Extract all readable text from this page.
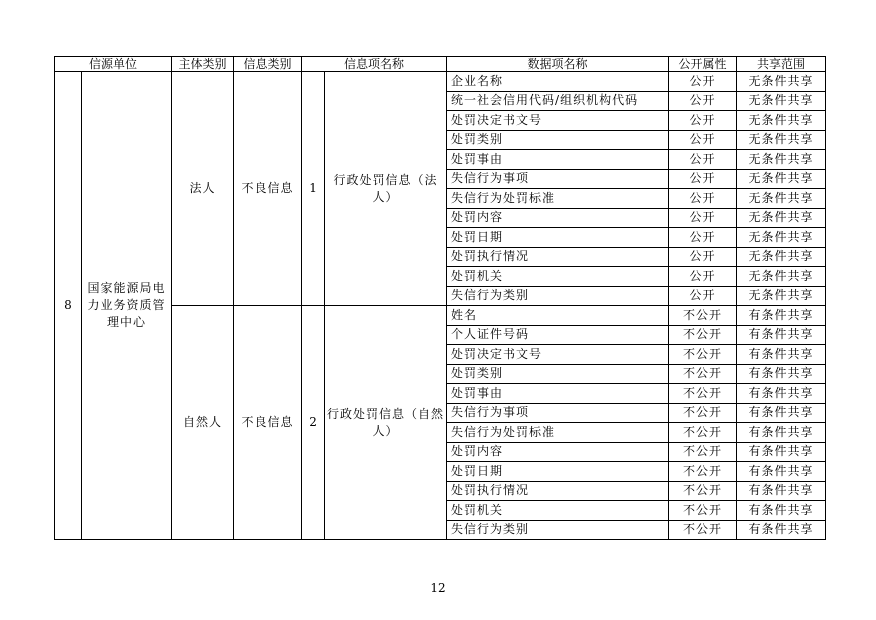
信源单位		主体类别	信息类别	信息项名称		数据项名称	公开属性	共享范围
8	国家能源局电力业务资质管理中心	法人	不良信息	1	行政处罚信息（法人）	企业名称	公开	无条件共享
						统一社会信用代码/组织机构代码	公开	无条件共享
						处罚决定书文号	公开	无条件共享
						处罚类别	公开	无条件共享
						处罚事由	公开	无条件共享
						失信行为事项	公开	无条件共享
						失信行为处罚标准	公开	无条件共享
						处罚内容	公开	无条件共享
						处罚日期	公开	无条件共享
						处罚执行情况	公开	无条件共享
						处罚机关	公开	无条件共享
						失信行为类别	公开	无条件共享
		自然人	不良信息	2	行政处罚信息（自然人）	姓名	不公开	有条件共享
						个人证件号码	不公开	有条件共享
						处罚决定书文号	不公开	有条件共享
						处罚类别	不公开	有条件共享
						处罚事由	不公开	有条件共享
						失信行为事项	不公开	有条件共享
						失信行为处罚标准	不公开	有条件共享
						处罚内容	不公开	有条件共享
						处罚日期	不公开	有条件共享
						处罚执行情况	不公开	有条件共享
						处罚机关	不公开	有条件共享
						失信行为类别	不公开	有条件共享
12
